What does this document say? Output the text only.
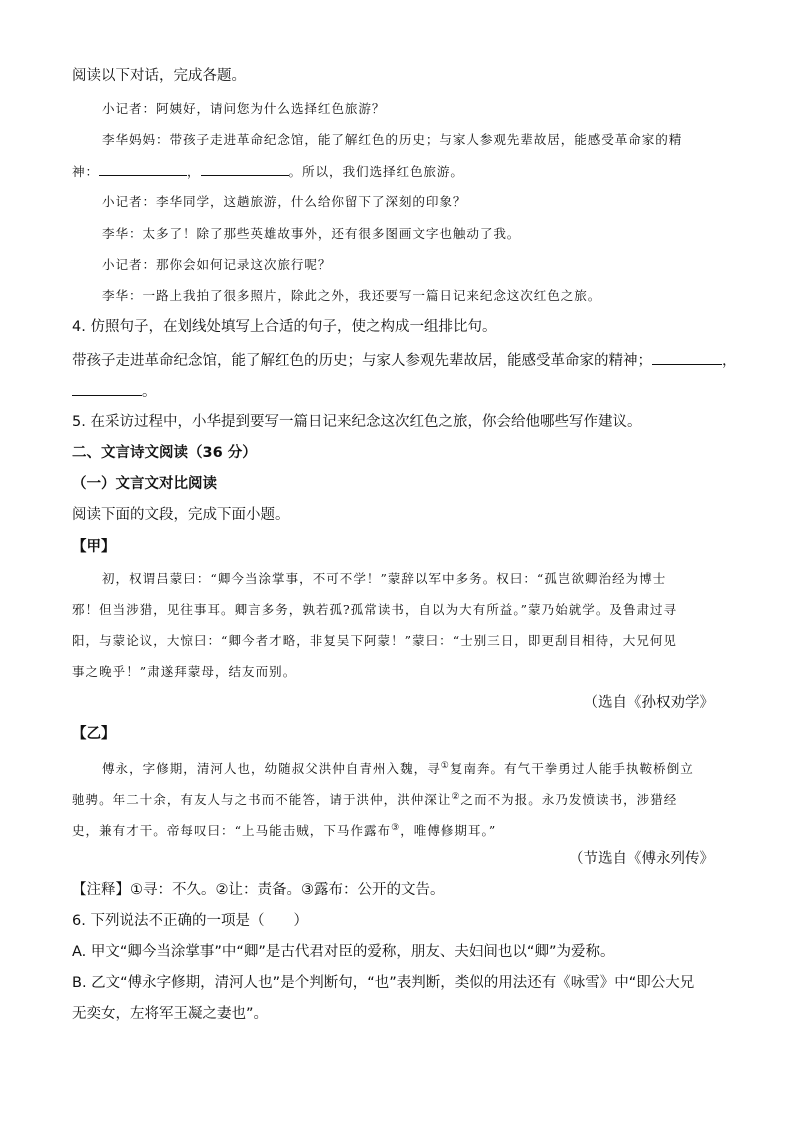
阅读以下对话，完成各题。
小记者：阿姨好，请问您为什么选择红色旅游？
李华妈妈：带孩子走进革命纪念馆，能了解红色的历史；与家人参观先辈故居，能感受革命家的精
神：	，	。所以，我们选择红色旅游。
小记者：李华同学，这趟旅游，什么给你留下了深刻的印象？
李华：太多了！除了那些英雄故事外，还有很多图画文字也触动了我。
小记者：那你会如何记录这次旅行呢？
李华：一路上我拍了很多照片，除此之外，我还要写一篇日记来纪念这次红色之旅。
4. 仿照句子，在划线处填写上合适的句子，使之构成一组排比句。
带孩子走进革命纪念馆，能了解红色的历史；与家人参观先辈故居，能感受革命家的精神；	，
。
5. 在采访过程中，小华提到要写一篇日记来纪念这次红色之旅，你会给他哪些写作建议。
二、文言诗文阅读（36 分）
（一）文言文对比阅读
阅读下面的文段，完成下面小题。
【甲】
初，权谓吕蒙曰：“卿今当涂掌事，不可不学！”蒙辞以军中多务。权曰：“孤岂欲卿治经为博士
邪！但当涉猎，见往事耳。卿言多务，孰若孤?孤常读书，自以为大有所益。”蒙乃始就学。及鲁肃过寻
阳，与蒙论议，大惊曰：“卿今者才略，非复吴下阿蒙！”蒙曰：“士别三日，即更刮目相待，大兄何见
事之晚乎！”肃遂拜蒙母，结友而别。
（选自《孙权劝学》
【乙】
傅永，字修期，清河人也，幼随叔父洪仲自青州入魏，寻①复南奔。有气干拳勇过人能手执鞍桥倒立
驰骋。年二十余，有友人与之书而不能答，请于洪仲，洪仲深让②之而不为报。永乃发愤读书，涉猎经
史，兼有才干。帝每叹曰：“上马能击贼，下马作露布③，唯傅修期耳。”
（节选自《傅永列传》
【注释】①寻：不久。②让：责备。③露布：公开的文告。
6. 下列说法不正确的一项是（　　）
A. 甲文“卿今当涂掌事”中“卿”是古代君对臣的爱称，朋友、夫妇间也以“卿”为爱称。
B. 乙文“傅永字修期，清河人也”是个判断句，“也”表判断，类似的用法还有《咏雪》中“即公大兄
无奕女，左将军王凝之妻也”。
